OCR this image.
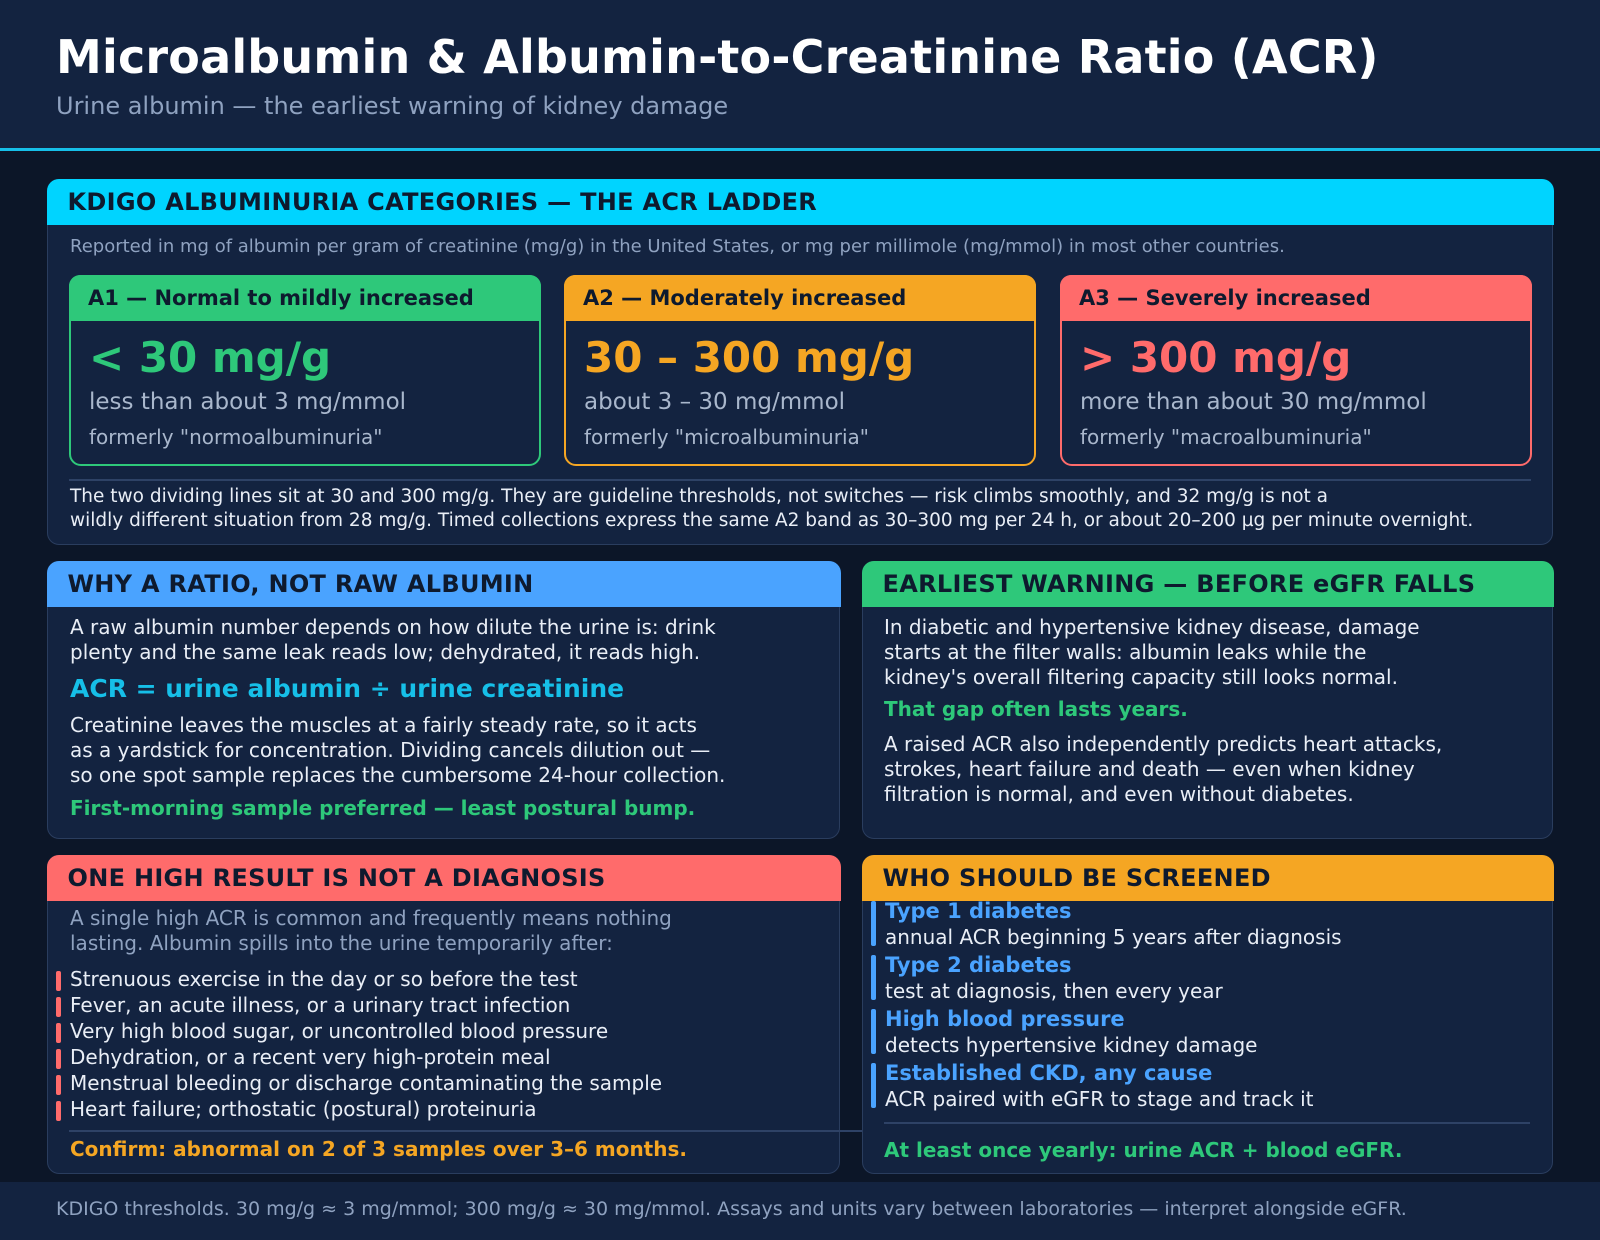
Microalbumin & Albumin-to-Creatinine Ratio (ACR)
Urine albumin — the earliest warning of kidney damage
KDIGO ALBUMINURIA CATEGORIES — THE ACR LADDER
Reported in mg of albumin per gram of creatinine (mg/g) in the United States, or mg per millimole (mg/mmol) in most other countries.
A1 — Normal to mildly increased
< 30 mg/g
less than about 3 mg/mmol
formerly "normoalbuminuria"
A2 — Moderately increased
30 – 300 mg/g
about 3 – 30 mg/mmol
formerly "microalbuminuria"
A3 — Severely increased
> 300 mg/g
more than about 30 mg/mmol
formerly "macroalbuminuria"
The two dividing lines sit at 30 and 300 mg/g. They are guideline thresholds, not switches — risk climbs smoothly, and 32 mg/g is not a
wildly different situation from 28 mg/g. Timed collections express the same A2 band as 30–300 mg per 24 h, or about 20–200 µg per minute overnight.
WHY A RATIO, NOT RAW ALBUMIN
A raw albumin number depends on how dilute the urine is: drink
plenty and the same leak reads low; dehydrated, it reads high.
ACR = urine albumin ÷ urine creatinine
Creatinine leaves the muscles at a fairly steady rate, so it acts
as a yardstick for concentration. Dividing cancels dilution out —
so one spot sample replaces the cumbersome 24-hour collection.
First-morning sample preferred — least postural bump.
EARLIEST WARNING — BEFORE eGFR FALLS
In diabetic and hypertensive kidney disease, damage
starts at the filter walls: albumin leaks while the
kidney's overall filtering capacity still looks normal.
That gap often lasts years.
A raised ACR also independently predicts heart attacks,
strokes, heart failure and death — even when kidney
filtration is normal, and even without diabetes.
ONE HIGH RESULT IS NOT A DIAGNOSIS
A single high ACR is common and frequently means nothing
lasting. Albumin spills into the urine temporarily after:
Strenuous exercise in the day or so before the test
Fever, an acute illness, or a urinary tract infection
Very high blood sugar, or uncontrolled blood pressure
Dehydration, or a recent very high-protein meal
Menstrual bleeding or discharge contaminating the sample
Heart failure; orthostatic (postural) proteinuria
Confirm: abnormal on 2 of 3 samples over 3–6 months.
WHO SHOULD BE SCREENED
Type 1 diabetes
annual ACR beginning 5 years after diagnosis
Type 2 diabetes
test at diagnosis, then every year
High blood pressure
detects hypertensive kidney damage
Established CKD, any cause
ACR paired with eGFR to stage and track it
At least once yearly: urine ACR + blood eGFR.
KDIGO thresholds. 30 mg/g ≈ 3 mg/mmol; 300 mg/g ≈ 30 mg/mmol. Assays and units vary between laboratories — interpret alongside eGFR.
